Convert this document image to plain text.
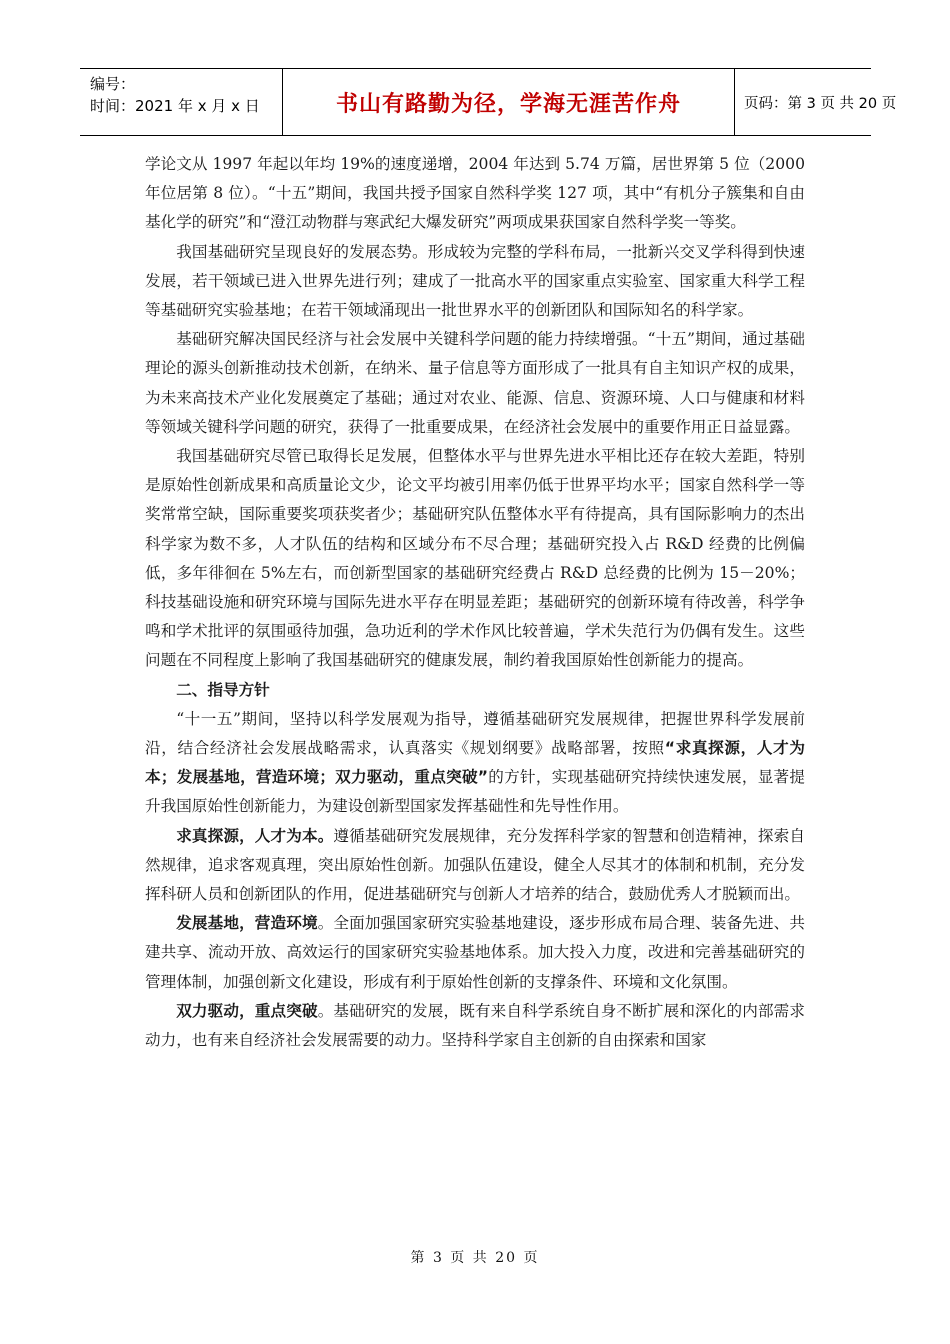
编号：
时间：2021 年 x 月 x 日	书山有路勤为径，学海无涯苦作舟	页码：第 3 页 共 20 页

学论文从 1997 年起以年均 19%的速度递增，2004 年达到 5.74 万篇，居世界第 5 位（2000 年位居第 8 位）。“十五”期间，我国共授予国家自然科学奖 127 项，其中“有机分子簇集和自由基化学的研究”和“澄江动物群与寒武纪大爆发研究”两项成果获国家自然科学奖一等奖。

我国基础研究呈现良好的发展态势。形成较为完整的学科布局，一批新兴交叉学科得到快速发展，若干领域已进入世界先进行列；建成了一批高水平的国家重点实验室、国家重大科学工程等基础研究实验基地；在若干领域涌现出一批世界水平的创新团队和国际知名的科学家。

基础研究解决国民经济与社会发展中关键科学问题的能力持续增强。“十五”期间，通过基础理论的源头创新推动技术创新，在纳米、量子信息等方面形成了一批具有自主知识产权的成果，为未来高技术产业化发展奠定了基础；通过对农业、能源、信息、资源环境、人口与健康和材料等领域关键科学问题的研究，获得了一批重要成果，在经济社会发展中的重要作用正日益显露。

我国基础研究尽管已取得长足发展，但整体水平与世界先进水平相比还存在较大差距，特别是原始性创新成果和高质量论文少，论文平均被引用率仍低于世界平均水平；国家自然科学一等奖常常空缺，国际重要奖项获奖者少；基础研究队伍整体水平有待提高，具有国际影响力的杰出科学家为数不多，人才队伍的结构和区域分布不尽合理；基础研究投入占 R&D 经费的比例偏低，多年徘徊在 5%左右，而创新型国家的基础研究经费占 R&D 总经费的比例为 15－20%；科技基础设施和研究环境与国际先进水平存在明显差距；基础研究的创新环境有待改善，科学争鸣和学术批评的氛围亟待加强，急功近利的学术作风比较普遍，学术失范行为仍偶有发生。这些问题在不同程度上影响了我国基础研究的健康发展，制约着我国原始性创新能力的提高。

二、指导方针

“十一五”期间，坚持以科学发展观为指导，遵循基础研究发展规律，把握世界科学发展前沿，结合经济社会发展战略需求，认真落实《规划纲要》战略部署，按照“求真探源，人才为本；发展基地，营造环境；双力驱动，重点突破”的方针，实现基础研究持续快速发展，显著提升我国原始性创新能力，为建设创新型国家发挥基础性和先导性作用。

求真探源，人才为本。遵循基础研究发展规律，充分发挥科学家的智慧和创造精神，探索自然规律，追求客观真理，突出原始性创新。加强队伍建设，健全人尽其才的体制和机制，充分发挥科研人员和创新团队的作用，促进基础研究与创新人才培养的结合，鼓励优秀人才脱颖而出。

发展基地，营造环境。全面加强国家研究实验基地建设，逐步形成布局合理、装备先进、共建共享、流动开放、高效运行的国家研究实验基地体系。加大投入力度，改进和完善基础研究的管理体制，加强创新文化建设，形成有利于原始性创新的支撑条件、环境和文化氛围。

双力驱动，重点突破。基础研究的发展，既有来自科学系统自身不断扩展和深化的内部需求动力，也有来自经济社会发展需要的动力。坚持科学家自主创新的自由探索和国家

第 3 页 共 20 页
